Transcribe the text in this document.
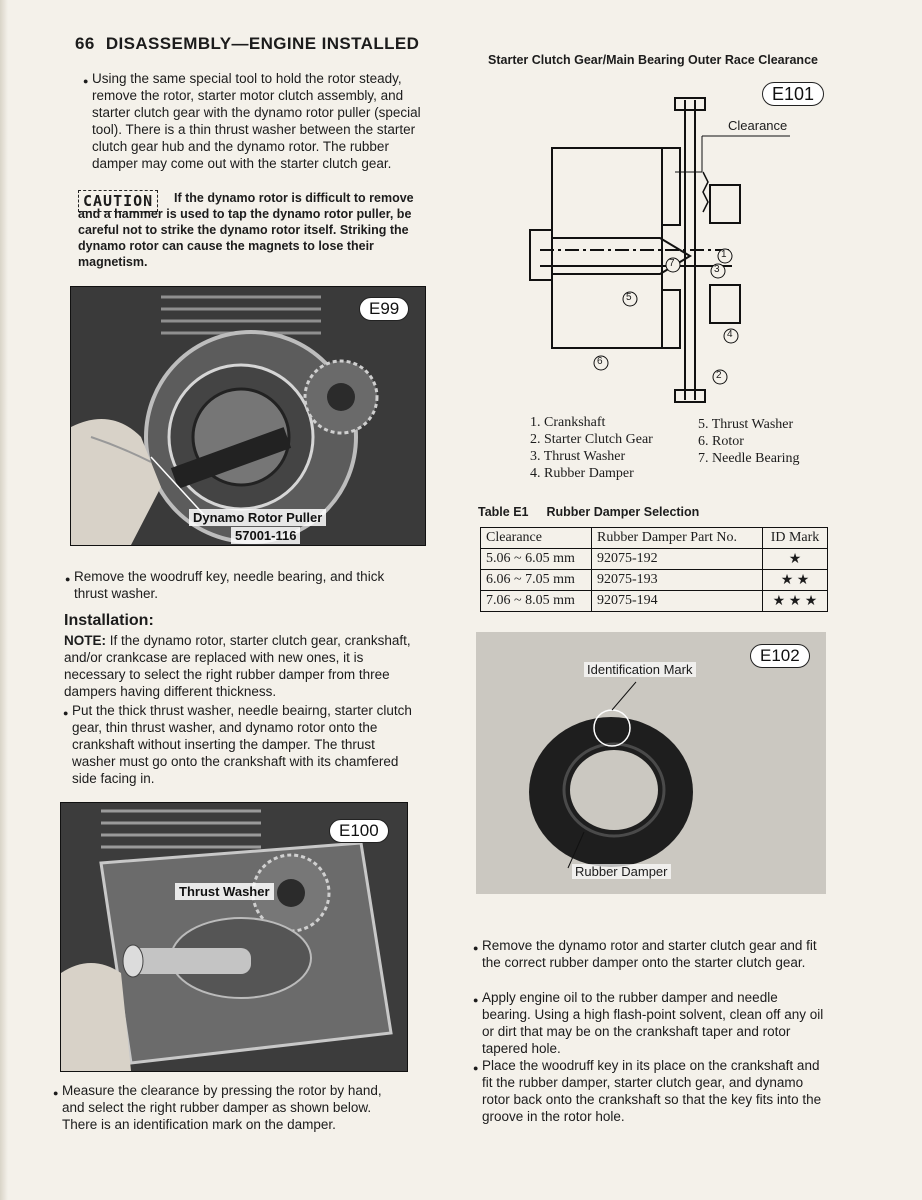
66 DISASSEMBLY—ENGINE INSTALLED

● Using the same special tool to hold the rotor steady, remove the rotor, starter motor clutch assembly, and starter clutch gear with the dynamo rotor puller (special tool). There is a thin thrust washer between the starter clutch gear hub and the dynamo rotor. The rubber damper may come out with the starter clutch gear.

CAUTION	If the dynamo rotor is difficult to remove and a hammer is used to tap the dynamo rotor puller, be careful not to strike the dynamo rotor itself. Striking the dynamo rotor can cause the magnets to lose their magnetism.

E99
Dynamo Rotor Puller
57001-116

● Remove the woodruff key, needle bearing, and thick thrust washer.

Installation:

NOTE: If the dynamo rotor, starter clutch gear, crankshaft, and/or crankcase are replaced with new ones, it is necessary to select the right rubber damper from three dampers having different thickness.

● Put the thick thrust washer, needle beairng, starter clutch gear, thin thrust washer, and dynamo rotor onto the crankshaft without inserting the damper. The thrust washer must go onto the crankshaft with its chamfered side facing in.

E100
Thrust Washer

● Measure the clearance by pressing the rotor by hand, and select the right rubber damper as shown below. There is an identification mark on the damper.

Starter Clutch Gear/Main Bearing Outer Race Clearance
E101
Clearance
1
2
3
4
5
6
7
1. Crankshaft
2. Starter Clutch Gear
3. Thrust Washer
4. Rubber Damper
5. Thrust Washer
6. Rotor
7. Needle Bearing
Table E1 Rubber Damper Selection
Clearance	Rubber Damper Part No.	ID Mark
5.06 ~ 6.05 mm	92075-192	★
6.06 ~ 7.05 mm	92075-193	★ ★
7.06 ~ 8.05 mm	92075-194	★ ★ ★
E102
Identification Mark
Rubber Damper

● Remove the dynamo rotor and starter clutch gear and fit the correct rubber damper onto the starter clutch gear.

● Apply engine oil to the rubber damper and needle bearing. Using a high flash-point solvent, clean off any oil or dirt that may be on the crankshaft taper and rotor tapered hole.

● Place the woodruff key in its place on the crankshaft and fit the rubber damper, starter clutch gear, and dynamo rotor back onto the crankshaft so that the key fits into the groove in the rotor hole.
